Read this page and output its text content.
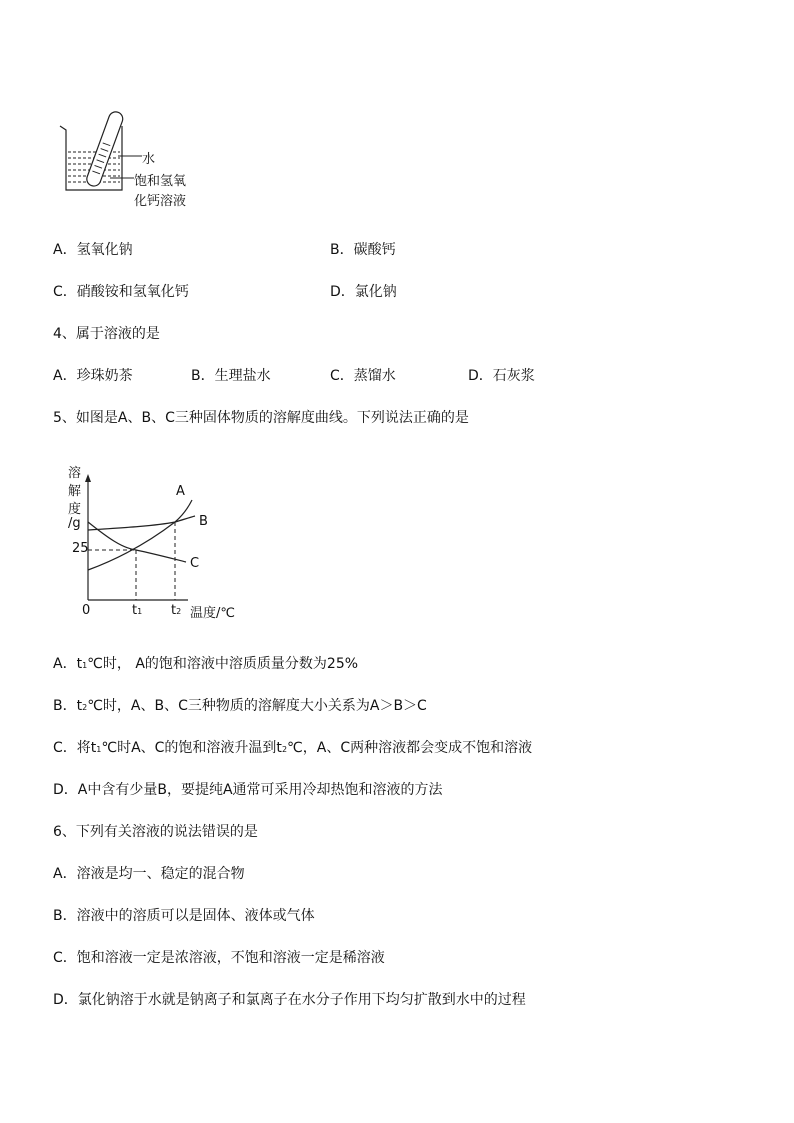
水
饱和氢氧
化钙溶液
A．氢氧化钠	B．碳酸钙
C．硝酸铵和氢氧化钙	D．氯化钠
4、属于溶液的是
A．珍珠奶茶	B．生理盐水	C．蒸馏水	D．石灰浆
5、如图是A、B、C三种固体物质的溶解度曲线。下列说法正确的是
溶
解
度
/g
25
0	t1 t2 温度/℃
A
B
C
A．t1℃时， A的饱和溶液中溶质质量分数为25%
B．t2℃时，A、B、C三种物质的溶解度大小关系为A＞B＞C
C．将t1℃时A、C的饱和溶液升温到t2℃，A、C两种溶液都会变成不饱和溶液
D．A中含有少量B，要提纯A通常可采用冷却热饱和溶液的方法
6、下列有关溶液的说法错误的是
A．溶液是均一、稳定的混合物
B．溶液中的溶质可以是固体、液体或气体
C．饱和溶液一定是浓溶液，不饱和溶液一定是稀溶液
D．氯化钠溶于水就是钠离子和氯离子在水分子作用下均匀扩散到水中的过程
